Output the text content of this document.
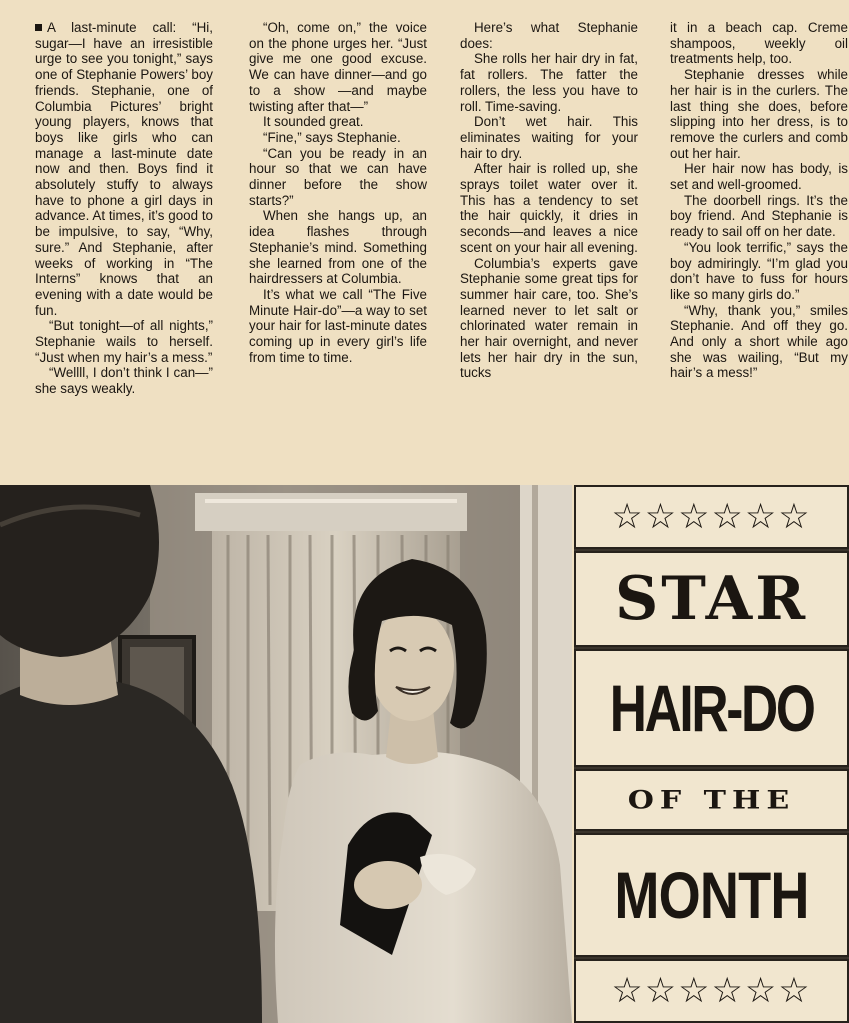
A last-minute call: “Hi, sugar—I have an irresistible urge to see you tonight,” says one of Stephanie Powers’ boy friends. Stephanie, one of Columbia Pictures’ bright young players, knows that boys like girls who can manage a last-minute date now and then. Boys find it absolutely stuffy to always have to phone a girl days in advance. At times, it’s good to be impulsive, to say, “Why, sure.” And Stephanie, after weeks of working in “The Interns” knows that an evening with a date would be fun.

“But tonight—of all nights,” Stephanie wails to herself. “Just when my hair’s a mess.”

“Wellll, I don’t think I can—” she says weakly.

“Oh, come on,” the voice on the phone urges her. “Just give me one good excuse. We can have dinner—and go to a show —and maybe twisting after that—”

It sounded great.

“Fine,” says Stephanie.

“Can you be ready in an hour so that we can have dinner before the show starts?”

When she hangs up, an idea flashes through Stephanie’s mind. Something she learned from one of the hairdressers at Columbia.

It’s what we call “The Five Minute Hair-do”—a way to set your hair for last-minute dates coming up in every girl’s life from time to time.

Here’s what Stephanie does:

She rolls her hair dry in fat, fat rollers. The fatter the rollers, the less you have to roll. Time-saving.

Don’t wet hair. This eliminates waiting for your hair to dry.

After hair is rolled up, she sprays toilet water over it. This has a tendency to set the hair quickly, it dries in seconds—and leaves a nice scent on your hair all evening.

Columbia’s experts gave Stephanie some great tips for summer hair care, too. She’s learned never to let salt or chlorinated water remain in her hair overnight, and never lets her hair dry in the sun, tucks

it in a beach cap. Creme shampoos, weekly oil treatments help, too.

Stephanie dresses while her hair is in the curlers. The last thing she does, before slipping into her dress, is to remove the curlers and comb out her hair.

Her hair now has body, is set and well-groomed.

The doorbell rings. It’s the boy friend. And Stephanie is ready to sail off on her date.

“You look terrific,” says the boy admiringly. “I’m glad you don’t have to fuss for hours like so many girls do.”

“Why, thank you,” smiles Stephanie. And off they go. And only a short while ago she was wailing, “But my hair’s a mess!”

☆☆☆☆☆☆
STAR
HAIR-DO
OF THE
MONTH
☆☆☆☆☆☆
